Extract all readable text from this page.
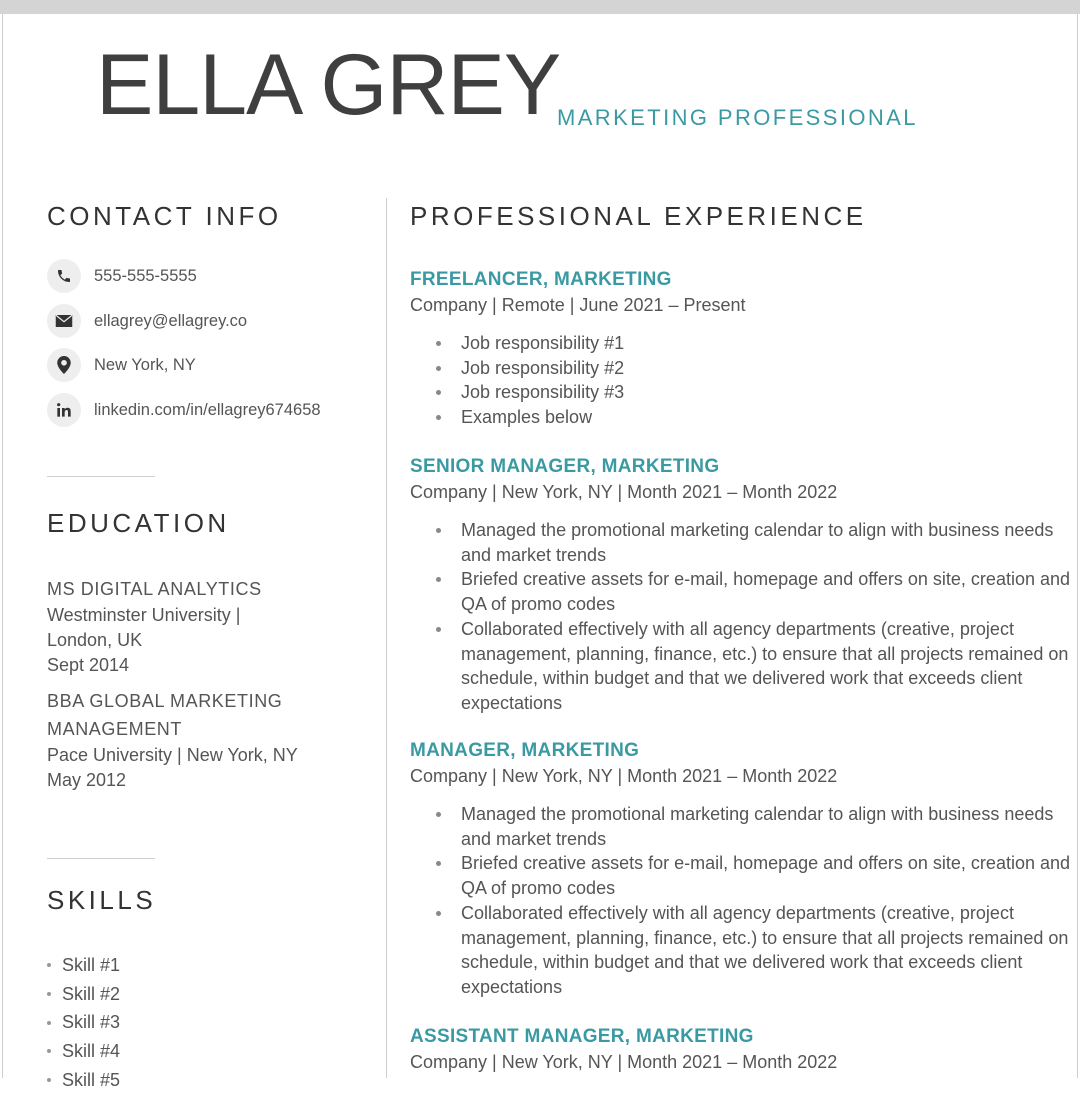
ELLA GREY
MARKETING PROFESSIONAL
CONTACT INFO
555-555-5555
ellagrey@ellagrey.co
New York, NY
linkedin.com/in/ellagrey674658
EDUCATION
MS DIGITAL ANALYTICS
Westminster University | London, UK
Sept 2014
BBA GLOBAL MARKETING MANAGEMENT
Pace University | New York, NY
May 2012
SKILLS
Skill #1
Skill #2
Skill #3
Skill #4
Skill #5
PROFESSIONAL EXPERIENCE
FREELANCER, MARKETING
Company | Remote | June 2021 – Present
Job responsibility #1
Job responsibility #2
Job responsibility #3
Examples below
SENIOR MANAGER, MARKETING
Company | New York, NY | Month 2021 – Month 2022
Managed the promotional marketing calendar to align with business needs and market trends
Briefed creative assets for e-mail, homepage and offers on site, creation and QA of promo codes
Collaborated effectively with all agency departments (creative, project management, planning, finance, etc.) to ensure that all projects remained on schedule, within budget and that we delivered work that exceeds client expectations
MANAGER, MARKETING
Company | New York, NY | Month 2021 – Month 2022
Managed the promotional marketing calendar to align with business needs and market trends
Briefed creative assets for e-mail, homepage and offers on site, creation and QA of promo codes
Collaborated effectively with all agency departments (creative, project management, planning, finance, etc.) to ensure that all projects remained on schedule, within budget and that we delivered work that exceeds client expectations
ASSISTANT MANAGER, MARKETING
Company | New York, NY | Month 2021 – Month 2022
